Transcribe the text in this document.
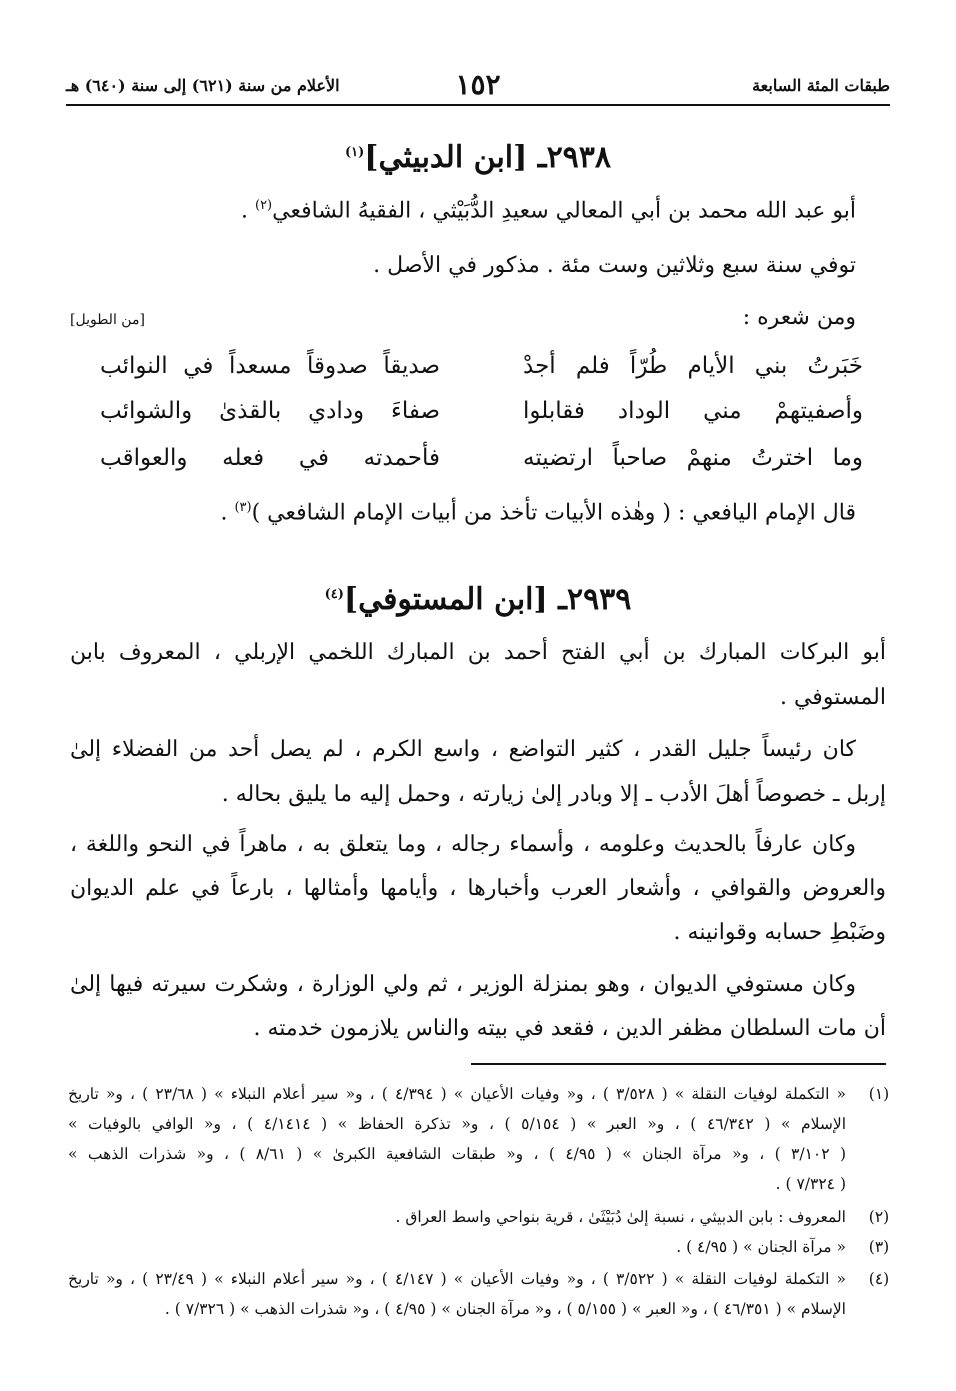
طبقات المئة السابعة
١٥٢
الأعلام من سنة (٦٢١) إلى سنة (٦٤٠) هـ
٢٩٣٨ـ [ابن الدبيثي]$^{(١)}$
أبو عبد الله محمد بن أبي المعالي سعيدِ الدُّبَيْثي ، الفقيهُ الشافعي$^{(٢)}$ .
توفي سنة سبع وثلاثين وست مئة . مذكور في الأصل .
ومن شعره :
[من الطويل]
خَبَرتُ بني الأيام طُرّاً فلم أجدْ
صديقاً صدوقاً مسعداً في النوائب
وأصفيتهمْ مني الوداد فقابلوا
صفاءَ ودادي بالقذىٰ والشوائب
وما اخترتُ منهمْ صاحباً ارتضيته
فأحمدته في فعله والعواقب
قال الإمام اليافعي : ( وهٰذه الأبيات تأخذ من أبيات الإمام الشافعي )$^{(٣)}$ .
٢٩٣٩ـ [ابن المستوفي]$^{(٤)}$
أبو البركات المبارك بن أبي الفتح أحمد بن المبارك اللخمي الإربلي ، المعروف بابن
المستوفي .
كان رئيساً جليل القدر ، كثير التواضع ، واسع الكرم ، لم يصل أحد من الفضلاء إلىٰ
إربل ـ خصوصاً أهلَ الأدب ـ إلا وبادر إلىٰ زيارته ، وحمل إليه ما يليق بحاله .
وكان عارفاً بالحديث وعلومه ، وأسماء رجاله ، وما يتعلق به ، ماهراً في النحو واللغة ،
والعروض والقوافي ، وأشعار العرب وأخبارها ، وأيامها وأمثالها ، بارعاً في علم الديوان
وضَبْطِ حسابه وقوانينه .
وكان مستوفي الديوان ، وهو بمنزلة الوزير ، ثم ولي الوزارة ، وشكرت سيرته فيها إلىٰ
أن مات السلطان مظفر الدين ، فقعد في بيته والناس يلازمون خدمته .
(١)
« التكملة لوفيات النقلة » ( ٣/٥٢٨ ) ، و« وفيات الأعيان » ( ٤/٣٩٤ ) ، و« سير أعلام النبلاء » ( ٢٣/٦٨ ) ، و« تاريخ
الإسلام » ( ٤٦/٣٤٢ ) ، و« العبر » ( ٥/١٥٤ ) ، و« تذكرة الحفاظ » ( ٤/١٤١٤ ) ، و« الوافي بالوفيات »
( ٣/١٠٢ ) ، و« مرآة الجنان » ( ٤/٩٥ ) ، و« طبقات الشافعية الكبرىٰ » ( ٨/٦١ ) ، و« شذرات الذهب »
( ٧/٣٢٤ ) .
(٢)
المعروف : بابن الدبيثي ، نسبة إلىٰ دُبَيْثَىٰ ، قرية بنواحي واسط العراق .
(٣)
« مرآة الجنان » ( ٤/٩٥ ) .
(٤)
« التكملة لوفيات النقلة » ( ٣/٥٢٢ ) ، و« وفيات الأعيان » ( ٤/١٤٧ ) ، و« سير أعلام النبلاء » ( ٢٣/٤٩ ) ، و« تاريخ
الإسلام » ( ٤٦/٣٥١ ) ، و« العبر » ( ٥/١٥٥ ) ، و« مرآة الجنان » ( ٤/٩٥ ) ، و« شذرات الذهب » ( ٧/٣٢٦ ) .
